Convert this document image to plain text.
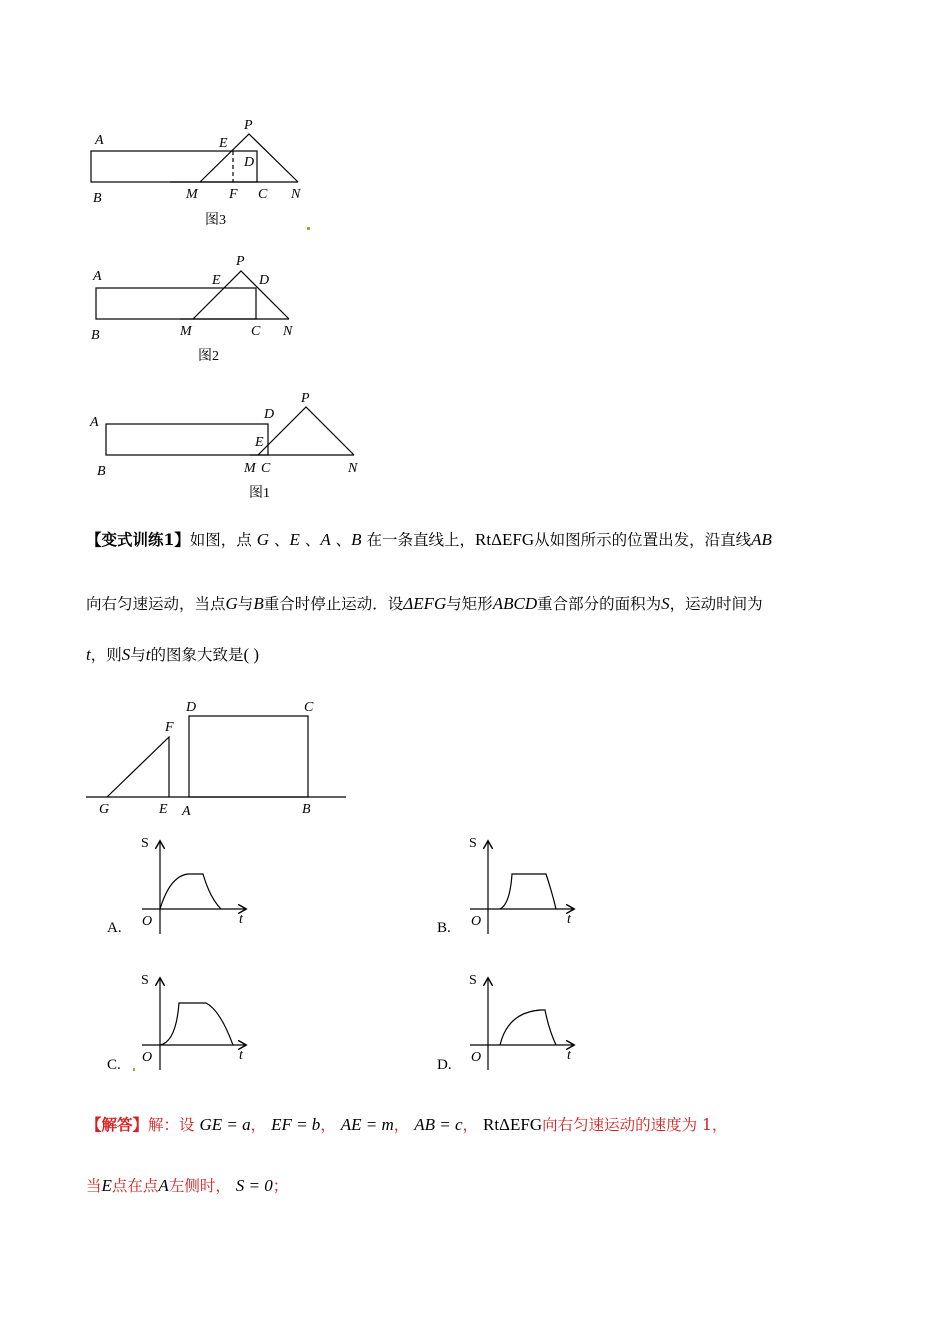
A
B
E
P
D
M F C N
图3
A
B
E
P
D
M	C N
图2
A
B
D
P
E
M C	N
图1
D	C
F
G	E A	B
S
t
O
S
t
O
S
t
O
S
t
O
【变式训练1】如图，点 G 、E 、A 、B 在一条直线上，RtΔEFG从如图所示的位置出发，沿直线AB
向右匀速运动，当点G与B重合时停止运动．设ΔEFG与矩形ABCD重合部分的面积为S，运动时间为
t，则S与t的图象大致是( )
A.	B.
C.	D.
【解答】解：设 GE = a， EF = b， AE = m， AB = c， RtΔEFG向右匀速运动的速度为 1，
当E点在点A左侧时， S = 0；
